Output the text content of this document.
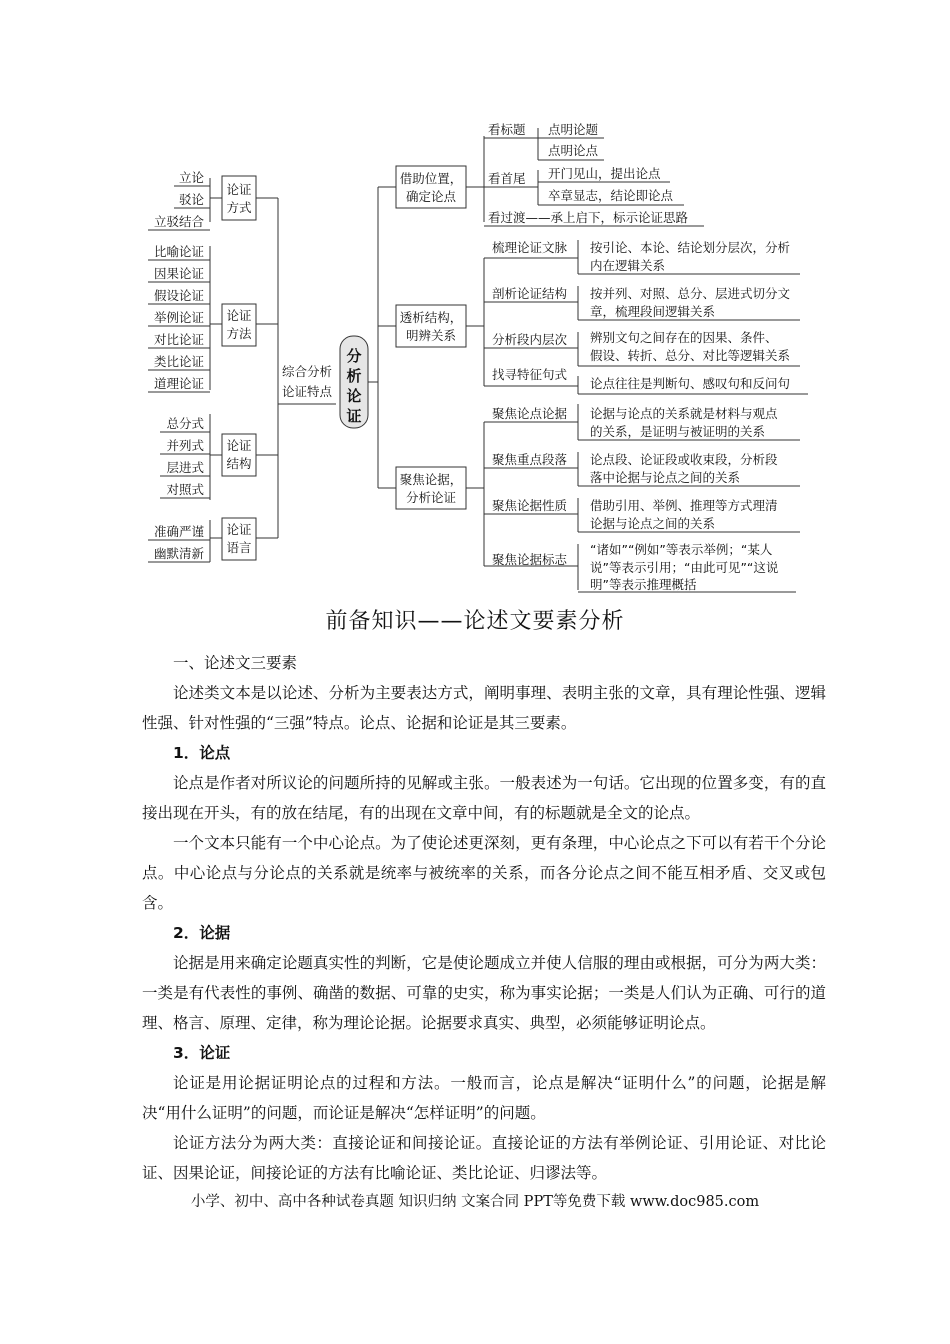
分
析
论
证
综合分析
论证特点
论证
方式
立论
驳论
立驳结合
论证
方法
比喻论证
因果论证
假设论证
举例论证
对比论证
类比论证
道理论证
论证
结构
总分式
并列式
层进式
对照式
论证
语言
准确严谨
幽默清新
借助位置，
确定论点
看标题 点明论题
点明论点
看首尾 开门见山，提出论点
卒章显志，结论即论点
看过渡——承上启下，标示论证思路
透析结构，
明辨关系
梳理论证文脉 按引论、本论、结论划分层次，分析
内在逻辑关系
剖析论证结构 按并列、对照、总分、层进式切分文
章，梳理段间逻辑关系
分析段内层次 辨别文句之间存在的因果、条件、
假设、转折、总分、对比等逻辑关系
找寻特征句式
论点往往是判断句、感叹句和反问句
聚焦论据，
分析论证
聚焦论点论据 论据与论点的关系就是材料与观点
的关系，是证明与被证明的关系
聚焦重点段落 论点段、论证段或收束段，分析段
落中论据与论点之间的关系
聚焦论据性质 借助引用、举例、推理等方式理清
论据与论点之间的关系
聚焦论据标志
“诸如”“例如”等表示举例；“某人
说”等表示引用；“由此可见”“这说
明”等表示推理概括
前备知识——论述文要素分析

一、论述文三要素

论述类文本是以论述、分析为主要表达方式，阐明事理、表明主张的文章，具有理论性强、逻辑性强、针对性强的“三强”特点。论点、论据和论证是其三要素。

1．论点

论点是作者对所议论的问题所持的见解或主张。一般表述为一句话。它出现的位置多变，有的直接出现在开头，有的放在结尾，有的出现在文章中间，有的标题就是全文的论点。

一个文本只能有一个中心论点。为了使论述更深刻，更有条理，中心论点之下可以有若干个分论点。中心论点与分论点的关系就是统率与被统率的关系，而各分论点之间不能互相矛盾、交叉或包含。

2．论据

论据是用来确定论题真实性的判断，它是使论题成立并使人信服的理由或根据，可分为两大类：一类是有代表性的事例、确凿的数据、可靠的史实，称为事实论据；一类是人们认为正确、可行的道理、格言、原理、定律，称为理论论据。论据要求真实、典型，必须能够证明论点。

3．论证

论证是用论据证明论点的过程和方法。一般而言，论点是解决“证明什么”的问题，论据是解决“用什么证明”的问题，而论证是解决“怎样证明”的问题。

论证方法分为两大类：直接论证和间接论证。直接论证的方法有举例论证、引用论证、对比论证、因果论证，间接论证的方法有比喻论证、类比论证、归谬法等。

小学、初中、高中各种试卷真题 知识归纳 文案合同 PPT等免费下载 www.doc985.com
